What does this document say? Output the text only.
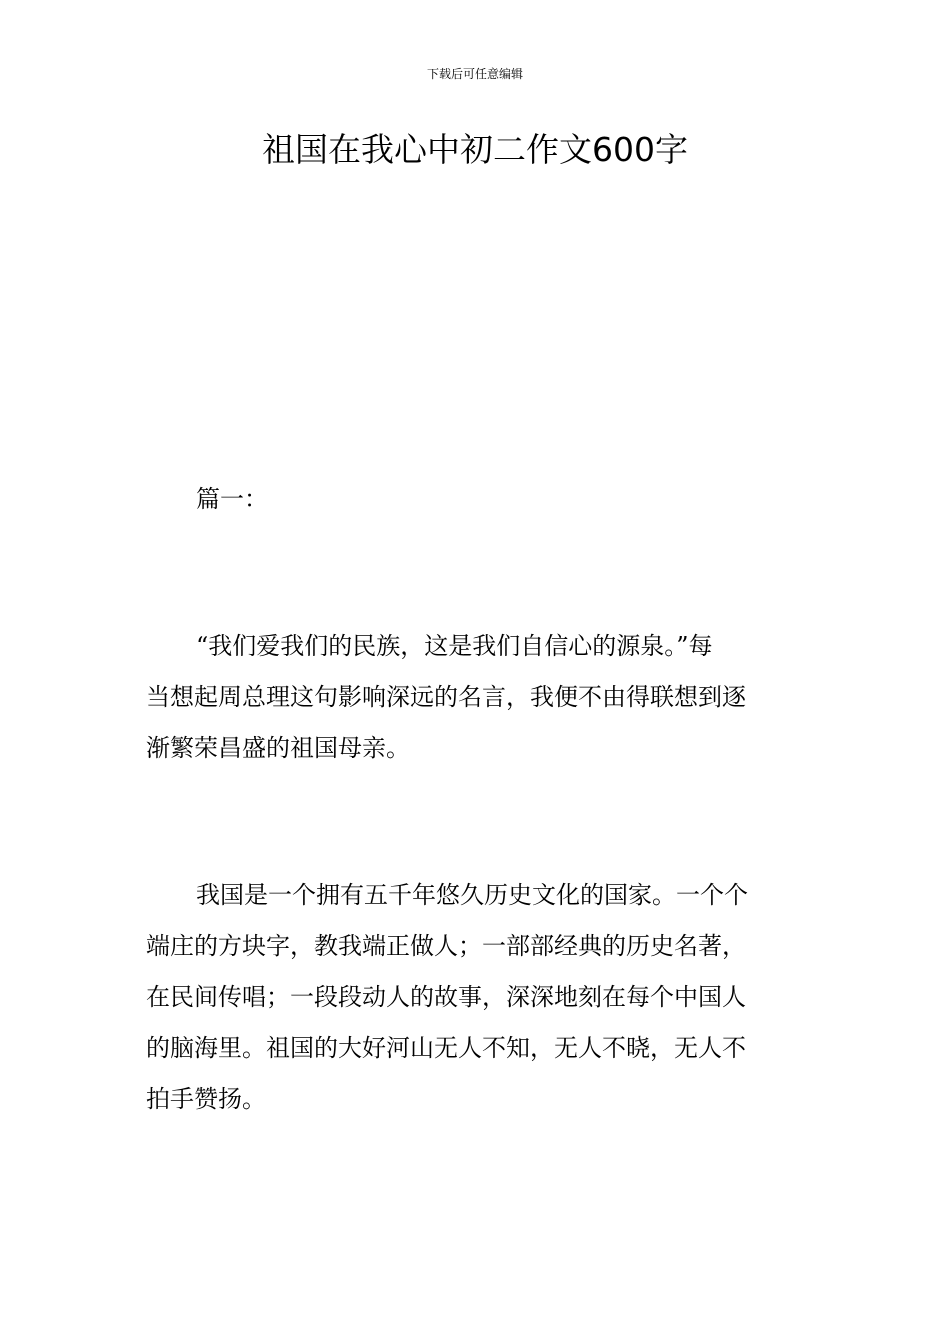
下载后可任意编辑
祖国在我心中初二作文600字
篇一：
“我们爱我们的民族，这是我们自信心的源泉。”每
当想起周总理这句影响深远的名言，我便不由得联想到逐
渐繁荣昌盛的祖国母亲。
我国是一个拥有五千年悠久历史文化的国家。一个个
端庄的方块字，教我端正做人；一部部经典的历史名著，
在民间传唱；一段段动人的故事，深深地刻在每个中国人
的脑海里。祖国的大好河山无人不知，无人不晓，无人不
拍手赞扬。
